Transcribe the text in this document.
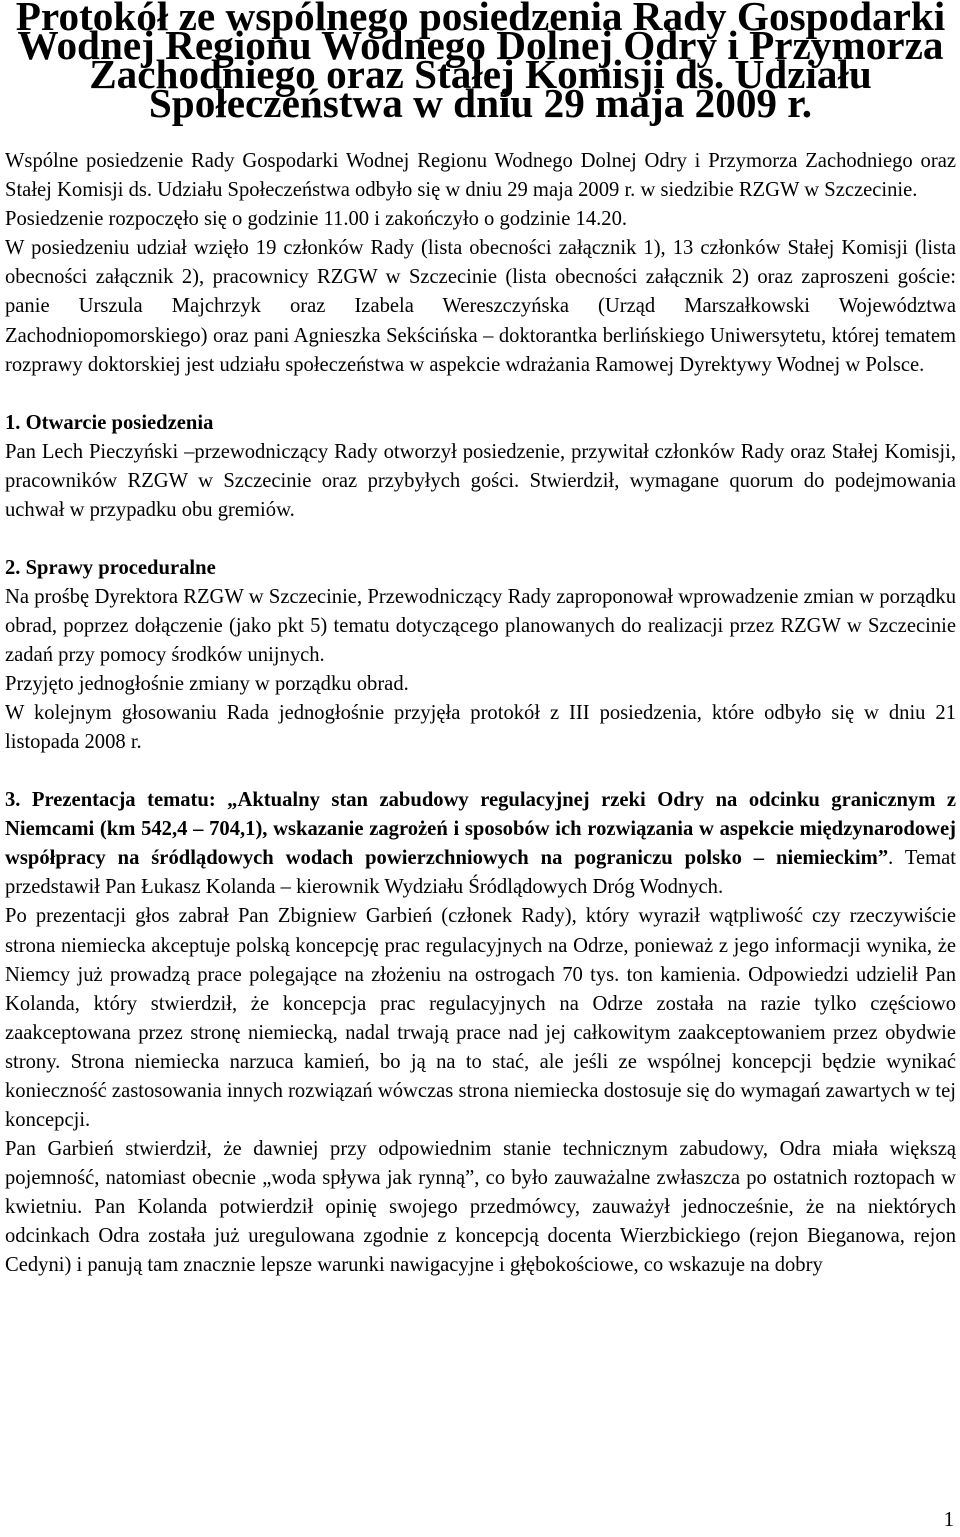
Protokół ze wspólnego posiedzenia Rady Gospodarki Wodnej Regionu Wodnego Dolnej Odry i Przymorza Zachodniego oraz Stałej Komisji ds. Udziału Społeczeństwa w dniu 29 maja 2009 r.

Wspólne posiedzenie Rady Gospodarki Wodnej Regionu Wodnego Dolnej Odry i Przymorza Zachodniego oraz Stałej Komisji ds. Udziału Społeczeństwa odbyło się w dniu 29 maja 2009 r. w siedzibie RZGW w Szczecinie.

Posiedzenie rozpoczęło się o godzinie 11.00 i zakończyło o godzinie 14.20.

W posiedzeniu udział wzięło 19 członków Rady (lista obecności załącznik 1), 13 członków Stałej Komisji (lista obecności załącznik 2), pracownicy RZGW w Szczecinie (lista obecności załącznik 2) oraz zaproszeni goście: panie Urszula Majchrzyk oraz Izabela Wereszczyńska (Urząd Marszałkowski Województwa Zachodniopomorskiego) oraz pani Agnieszka Sekścińska – doktorantka berlińskiego Uniwersytetu, której tematem rozprawy doktorskiej jest udziału społeczeństwa w aspekcie wdrażania Ramowej Dyrektywy Wodnej w Polsce.

1. Otwarcie posiedzenia

Pan Lech Pieczyński –przewodniczący Rady otworzył posiedzenie, przywitał członków Rady oraz Stałej Komisji, pracowników RZGW w Szczecinie oraz przybyłych gości. Stwierdził, wymagane quorum do podejmowania uchwał w przypadku obu gremiów.

2. Sprawy proceduralne

Na prośbę Dyrektora RZGW w Szczecinie, Przewodniczący Rady zaproponował wprowadzenie zmian w porządku obrad, poprzez dołączenie (jako pkt 5) tematu dotyczącego planowanych do realizacji przez RZGW w Szczecinie zadań przy pomocy środków unijnych.

Przyjęto jednogłośnie zmiany w porządku obrad.

W kolejnym głosowaniu Rada jednogłośnie przyjęła protokół z III posiedzenia, które odbyło się w dniu 21 listopada 2008 r.

3. Prezentacja tematu: „Aktualny stan zabudowy regulacyjnej rzeki Odry na odcinku granicznym z Niemcami (km 542,4 – 704,1), wskazanie zagrożeń i sposobów ich rozwiązania w aspekcie międzynarodowej współpracy na śródlądowych wodach powierzchniowych na pograniczu polsko – niemieckim”. Temat przedstawił Pan Łukasz Kolanda – kierownik Wydziału Śródlądowych Dróg Wodnych.

Po prezentacji głos zabrał Pan Zbigniew Garbień (członek Rady), który wyraził wątpliwość czy rzeczywiście strona niemiecka akceptuje polską koncepcję prac regulacyjnych na Odrze, ponieważ z jego informacji wynika, że Niemcy już prowadzą prace polegające na złożeniu na ostrogach 70 tys. ton kamienia. Odpowiedzi udzielił Pan Kolanda, który stwierdził, że koncepcja prac regulacyjnych na Odrze została na razie tylko częściowo zaakceptowana przez stronę niemiecką, nadal trwają prace nad jej całkowitym zaakceptowaniem przez obydwie strony. Strona niemiecka narzuca kamień, bo ją na to stać, ale jeśli ze wspólnej koncepcji będzie wynikać konieczność zastosowania innych rozwiązań wówczas strona niemiecka dostosuje się do wymagań zawartych w tej koncepcji.

Pan Garbień stwierdził, że dawniej przy odpowiednim stanie technicznym zabudowy, Odra miała większą pojemność, natomiast obecnie „woda spływa jak rynną”, co było zauważalne zwłaszcza po ostatnich roztopach w kwietniu. Pan Kolanda potwierdził opinię swojego przedmówcy, zauważył jednocześnie, że na niektórych odcinkach Odra została już uregulowana zgodnie z koncepcją docenta Wierzbickiego (rejon Bieganowa, rejon Cedyni) i panują tam znacznie lepsze warunki nawigacyjne i głębokościowe, co wskazuje na dobry

1
